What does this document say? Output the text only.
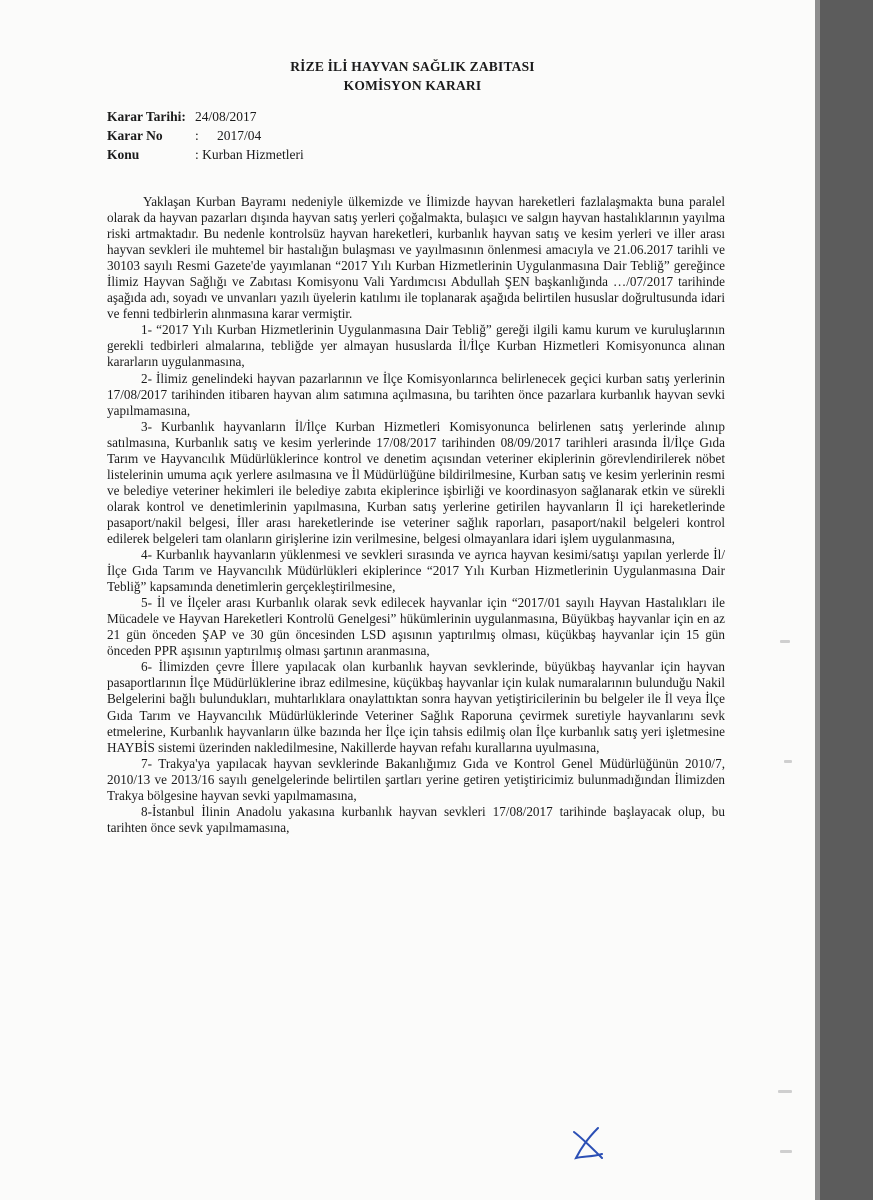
RİZE İLİ HAYVAN SAĞLIK ZABITASI
KOMİSYON KARARI
Karar Tarihi: 24/08/2017
Karar No	:	2017/04
Konu	: Kurban Hizmetleri

Yaklaşan Kurban Bayramı nedeniyle ülkemizde ve İlimizde hayvan hareketleri fazlalaşmakta buna paralel olarak da hayvan pazarları dışında hayvan satış yerleri çoğalmakta, bulaşıcı ve salgın hayvan hastalıklarının yayılma riski artmaktadır. Bu nedenle kontrolsüz hayvan hareketleri, kurbanlık hayvan satış ve kesim yerleri ve iller arası hayvan sevkleri ile muhtemel bir hastalığın bulaşması ve yayılmasının önlenmesi amacıyla ve 21.06.2017 tarihli ve 30103 sayılı Resmi Gazete'de yayımlanan “2017 Yılı Kurban Hizmetlerinin Uygulanmasına Dair Tebliğ” gereğince İlimiz Hayvan Sağlığı ve Zabıtası Komisyonu Vali Yardımcısı Abdullah ŞEN başkanlığında …/07/2017 tarihinde aşağıda adı, soyadı ve unvanları yazılı üyelerin katılımı ile toplanarak aşağıda belirtilen hususlar doğrultusunda idari ve fenni tedbirlerin alınmasına karar vermiştir.

1- “2017 Yılı Kurban Hizmetlerinin Uygulanmasına Dair Tebliğ” gereği ilgili kamu kurum ve kuruluşlarının gerekli tedbirleri almalarına, tebliğde yer almayan hususlarda İl/İlçe Kurban Hizmetleri Komisyonunca alınan kararların uygulanmasına,

2- İlimiz genelindeki hayvan pazarlarının ve İlçe Komisyonlarınca belirlenecek geçici kurban satış yerlerinin 17/08/2017 tarihinden itibaren hayvan alım satımına açılmasına, bu tarihten önce pazarlara kurbanlık hayvan sevki yapılmamasına,

3- Kurbanlık hayvanların İl/İlçe Kurban Hizmetleri Komisyonunca belirlenen satış yerlerinde alınıp satılmasına, Kurbanlık satış ve kesim yerlerinde 17/08/2017 tarihinden 08/09/2017 tarihleri arasında İl/İlçe Gıda Tarım ve Hayvancılık Müdürlüklerince kontrol ve denetim açısından veteriner ekiplerinin görevlendirilerek nöbet listelerinin umuma açık yerlere asılmasına ve İl Müdürlüğüne bildirilmesine, Kurban satış ve kesim yerlerinin resmi ve belediye veteriner hekimleri ile belediye zabıta ekiplerince işbirliği ve koordinasyon sağlanarak etkin ve sürekli olarak kontrol ve denetimlerinin yapılmasına, Kurban satış yerlerine getirilen hayvanların İl içi hareketlerinde pasaport/nakil belgesi, İller arası hareketlerinde ise veteriner sağlık raporları, pasaport/nakil belgeleri kontrol edilerek belgeleri tam olanların girişlerine izin verilmesine, belgesi olmayanlara idari işlem uygulanmasına,

4- Kurbanlık hayvanların yüklenmesi ve sevkleri sırasında ve ayrıca hayvan kesimi/satışı yapılan yerlerde İl/İlçe Gıda Tarım ve Hayvancılık Müdürlükleri ekiplerince “2017 Yılı Kurban Hizmetlerinin Uygulanmasına Dair Tebliğ” kapsamında denetimlerin gerçekleştirilmesine,

5- İl ve İlçeler arası Kurbanlık olarak sevk edilecek hayvanlar için “2017/01 sayılı Hayvan Hastalıkları ile Mücadele ve Hayvan Hareketleri Kontrolü Genelgesi” hükümlerinin uygulanmasına, Büyükbaş hayvanlar için en az 21 gün önceden ŞAP ve 30 gün öncesinden LSD aşısının yaptırılmış olması, küçükbaş hayvanlar için 15 gün önceden PPR aşısının yaptırılmış olması şartının aranmasına,

6- İlimizden çevre İllere yapılacak olan kurbanlık hayvan sevklerinde, büyükbaş hayvanlar için hayvan pasaportlarının İlçe Müdürlüklerine ibraz edilmesine, küçükbaş hayvanlar için kulak numaralarının bulunduğu Nakil Belgelerini bağlı bulundukları, muhtarlıklara onaylattıktan sonra hayvan yetiştiricilerinin bu belgeler ile İl veya İlçe Gıda Tarım ve Hayvancılık Müdürlüklerinde Veteriner Sağlık Raporuna çevirmek suretiyle hayvanlarını sevk etmelerine, Kurbanlık hayvanların ülke bazında her İlçe için tahsis edilmiş olan İlçe kurbanlık satış yeri işletmesine HAYBİS sistemi üzerinden nakledilmesine, Nakillerde hayvan refahı kurallarına uyulmasına,

7- Trakya'ya yapılacak hayvan sevklerinde Bakanlığımız Gıda ve Kontrol Genel Müdürlüğünün 2010/7, 2010/13 ve 2013/16 sayılı genelgelerinde belirtilen şartları yerine getiren yetiştiricimiz bulunmadığından İlimizden Trakya bölgesine hayvan sevki yapılmamasına,

8-İstanbul İlinin Anadolu yakasına kurbanlık hayvan sevkleri 17/08/2017 tarihinde başlayacak olup, bu tarihten önce sevk yapılmamasına,
